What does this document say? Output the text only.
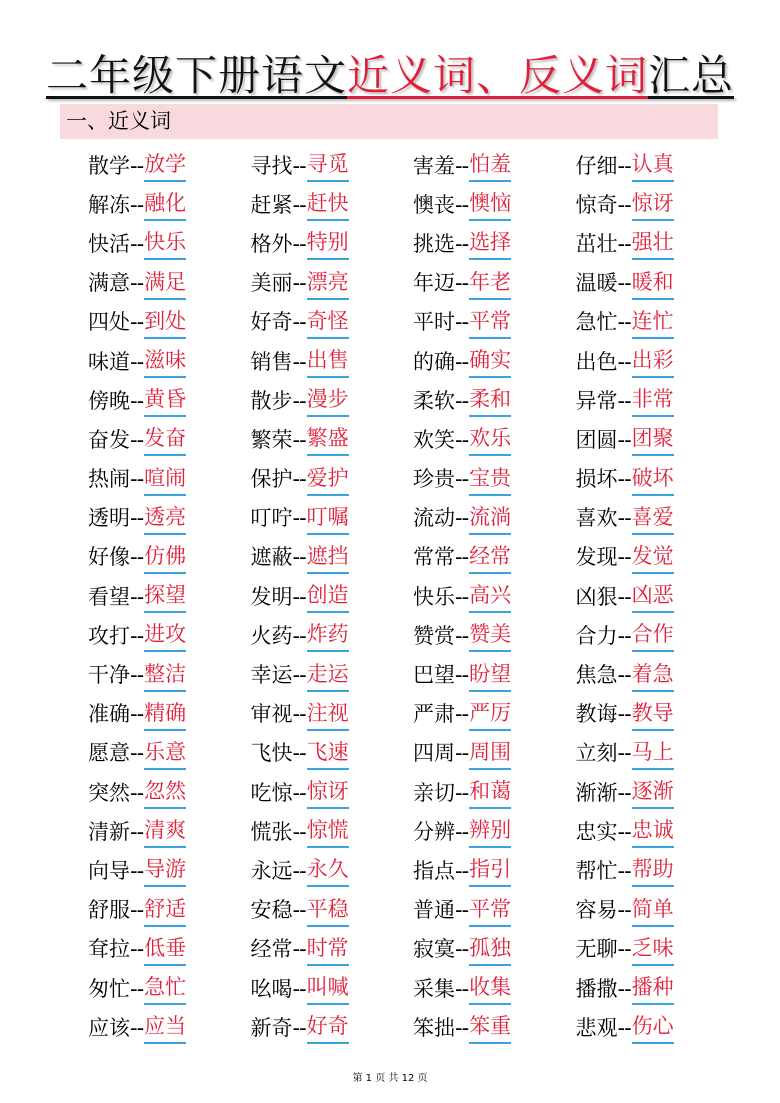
二年级下册语文近义词、反义词汇总
一、近义词
散学 -- 放学	寻找 -- 寻觅	害羞 -- 怕羞	仔细 -- 认真
解冻 -- 融化	赶紧 -- 赶快	懊丧 -- 懊恼	惊奇 -- 惊讶
快活 -- 快乐	格外 -- 特别	挑选 -- 选择	茁壮 -- 强壮
满意 -- 满足	美丽 -- 漂亮	年迈 -- 年老	温暖 -- 暖和
四处 -- 到处	好奇 -- 奇怪	平时 -- 平常	急忙 -- 连忙
味道 -- 滋味	销售 -- 出售	的确 -- 确实	出色 -- 出彩
傍晚 -- 黄昏	散步 -- 漫步	柔软 -- 柔和	异常 -- 非常
奋发 -- 发奋	繁荣 -- 繁盛	欢笑 -- 欢乐	团圆 -- 团聚
热闹 -- 喧闹	保护 -- 爱护	珍贵 -- 宝贵	损坏 -- 破坏
透明 -- 透亮	叮咛 -- 叮嘱	流动 -- 流淌	喜欢 -- 喜爱
好像 -- 仿佛	遮蔽 -- 遮挡	常常 -- 经常	发现 -- 发觉
看望 -- 探望	发明 -- 创造	快乐 -- 高兴	凶狠 -- 凶恶
攻打 -- 进攻	火药 -- 炸药	赞赏 -- 赞美	合力 -- 合作
干净 -- 整洁	幸运 -- 走运	巴望 -- 盼望	焦急 -- 着急
准确 -- 精确	审视 -- 注视	严肃 -- 严厉	教诲 -- 教导
愿意 -- 乐意	飞快 -- 飞速	四周 -- 周围	立刻 -- 马上
突然 -- 忽然	吃惊 -- 惊讶	亲切 -- 和蔼	渐渐 -- 逐渐
清新 -- 清爽	慌张 -- 惊慌	分辨 -- 辨别	忠实 -- 忠诚
向导 -- 导游	永远 -- 永久	指点 -- 指引	帮忙 -- 帮助
舒服 -- 舒适	安稳 -- 平稳	普通 -- 平常	容易 -- 简单
耷拉 -- 低垂	经常 -- 时常	寂寞 -- 孤独	无聊 -- 乏味
匆忙 -- 急忙	吆喝 -- 叫喊	采集 -- 收集	播撒 -- 播种
应该 -- 应当	新奇 -- 好奇	笨拙 -- 笨重	悲观 -- 伤心
第 1 页 共 12 页
